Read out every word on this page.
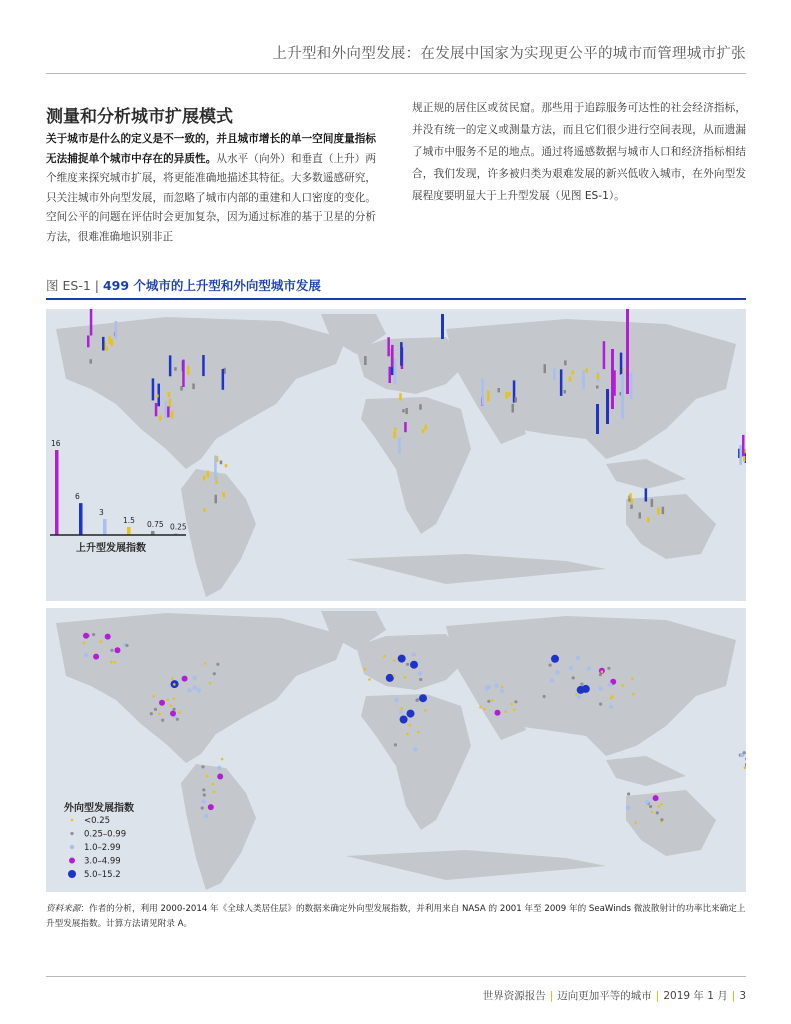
上升型和外向型发展：在发展中国家为实现更公平的城市而管理城市扩张
测量和分析城市扩展模式
关于城市是什么的定义是不一致的，并且城市增长的单一空间度量指标无法捕捉单个城市中存在的异质性。从水平（向外）和垂直（上升）两个维度来探究城市扩展，将更能准确地描述其特征。大多数遥感研究，只关注城市外向型发展，而忽略了城市内部的重建和人口密度的变化。空间公平的问题在评估时会更加复杂，因为通过标准的基于卫星的分析方法，很难准确地识别非正
规正规的居住区或贫民窟。那些用于追踪服务可达性的社会经济指标，并没有统一的定义或测量方法，而且它们很少进行空间表现，从而遗漏了城市中服务不足的地点。通过将遥感数据与城市人口和经济指标相结合，我们发现，许多被归类为艰难发展的新兴低收入城市，在外向型发展程度要明显大于上升型发展（见图 ES-1）。
图 ES-1 | 499 个城市的上升型和外向型城市发展
16
6
3
1.5 0.75 0.25
上升型发展指数
外向型发展指数
<0.25
0.25–0.99
1.0–2.99
3.0–4.99
5.0–15.2
资料来源：作者的分析，利用 2000-2014 年《全球人类居住层》的数据来确定外向型发展指数，并利用来自 NASA 的 2001 年至 2009 年的 SeaWinds 微波散射计的功率比来确定上升型发展指数。计算方法请见附录 A。
世界资源报告 | 迈向更加平等的城市 | 2019 年 1 月 | 3
